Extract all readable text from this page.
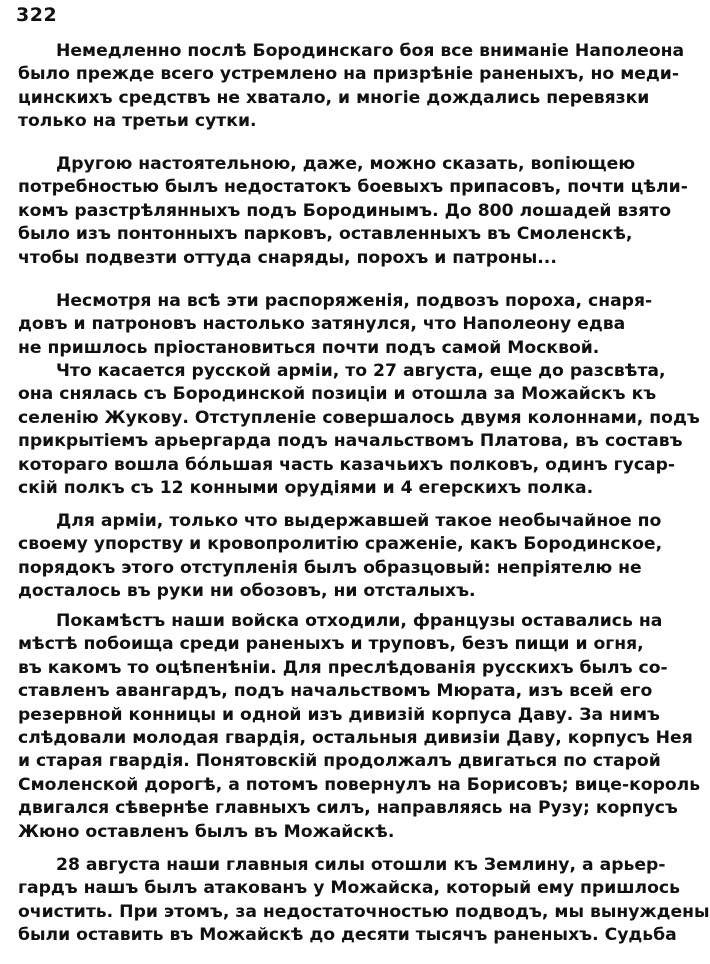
322
Немедленно послѣ Бородинскаго боя все вниманіе Наполеона
было прежде всего устремлено на призрѣніе раненыхъ, но меди-
цинскихъ средствъ не хватало, и многіе дождались перевязки
только на третьи сутки.
Другою настоятельною, даже, можно сказать, вопіющею
потребностью былъ недостатокъ боевыхъ припасовъ, почти цѣли-
комъ разстрѣлянныхъ подъ Бородинымъ. До 800 лошадей взято
было изъ понтонныхъ парковъ, оставленныхъ въ Смоленскѣ,
чтобы подвезти оттуда снаряды, порохъ и патроны...
Несмотря на всѣ эти распоряженія, подвозъ пороха, снаря-
довъ и патроновъ настолько затянулся, что Наполеону едва
не пришлось пріостановиться почти подъ самой Москвой.
Что касается русской арміи, то 27 августа, еще до разсвѣта,
она снялась съ Бородинской позиціи и отошла за Можайскъ къ
селенію Жукову. Отступленіе совершалось двумя колоннами, подъ
прикрытіемъ арьергарда подъ начальствомъ Платова, въ составъ
котораго вошла бо́льшая часть казачьихъ полковъ, одинъ гусар-
скій полкъ съ 12 конными орудіями и 4 егерскихъ полка.
Для арміи, только что выдержавшей такое необычайное по
своему упорству и кровопролитію сраженіе, какъ Бородинское,
порядокъ этого отступленія былъ образцовый: непріятелю не
досталось въ руки ни обозовъ, ни отсталыхъ.
Покамѣстъ наши войска отходили, французы оставались на
мѣстѣ побоища среди раненыхъ и труповъ, безъ пищи и огня,
въ какомъ то оцѣпенѣніи. Для преслѣдованія русскихъ былъ со-
ставленъ авангардъ, подъ начальствомъ Мюрата, изъ всей его
резервной конницы и одной изъ дивизій корпуса Даву. За нимъ
слѣдовали молодая гвардія, остальныя дивизіи Даву, корпусъ Нея
и старая гвардія. Понятовскій продолжалъ двигаться по старой
Смоленской дорогѣ, а потомъ повернулъ на Борисовъ; вице-король
двигался сѣвернѣе главныхъ силъ, направляясь на Рузу; корпусъ
Жюно оставленъ былъ въ Можайскѣ.
28 августа наши главныя силы отошли къ Землину, а арьер-
гардъ нашъ былъ атакованъ у Можайска, который ему пришлось
очистить. При этомъ, за недостаточностью подводъ, мы вынуждены
были оставить въ Можайскѣ до десяти тысячъ раненыхъ. Судьба
